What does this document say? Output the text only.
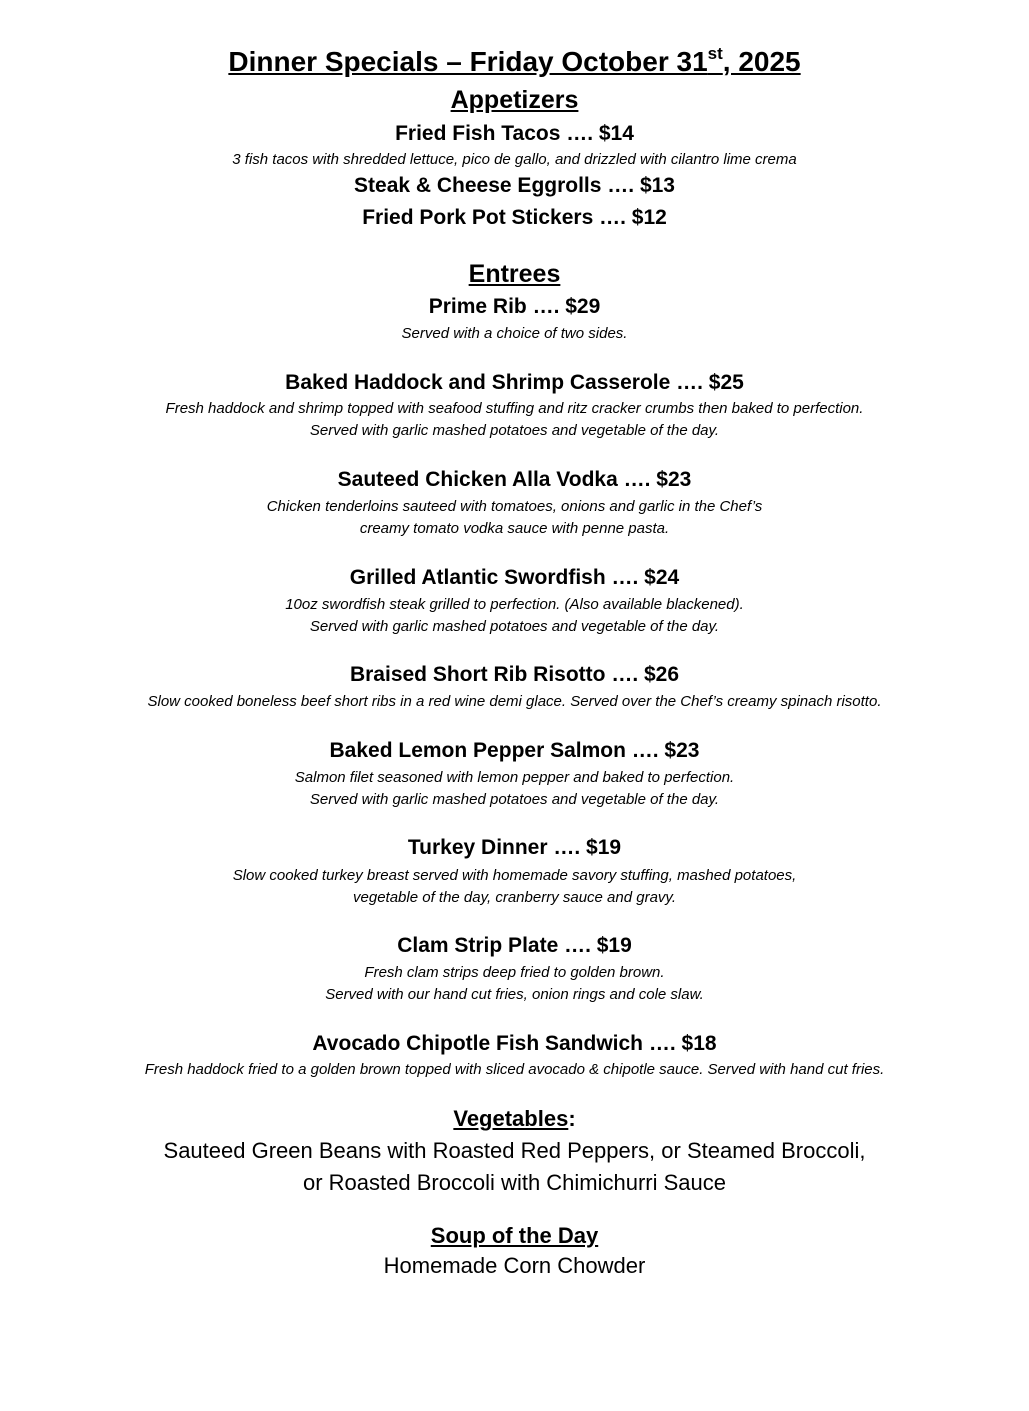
Dinner Specials – Friday October 31st, 2025
Appetizers
Fried Fish Tacos …. $14
3 fish tacos with shredded lettuce, pico de gallo, and drizzled with cilantro lime crema
Steak & Cheese Eggrolls …. $13
Fried Pork Pot Stickers …. $12
Entrees
Prime Rib …. $29
Served with a choice of two sides.
Baked Haddock and Shrimp Casserole …. $25
Fresh haddock and shrimp topped with seafood stuffing and ritz cracker crumbs then baked to perfection.
Served with garlic mashed potatoes and vegetable of the day.
Sauteed Chicken Alla Vodka …. $23
Chicken tenderloins sauteed with tomatoes, onions and garlic in the Chef’s
creamy tomato vodka sauce with penne pasta.
Grilled Atlantic Swordfish …. $24
10oz swordfish steak grilled to perfection. (Also available blackened).
Served with garlic mashed potatoes and vegetable of the day.
Braised Short Rib Risotto …. $26
Slow cooked boneless beef short ribs in a red wine demi glace. Served over the Chef’s creamy spinach risotto.
Baked Lemon Pepper Salmon …. $23
Salmon filet seasoned with lemon pepper and baked to perfection.
Served with garlic mashed potatoes and vegetable of the day.
Turkey Dinner …. $19
Slow cooked turkey breast served with homemade savory stuffing, mashed potatoes,
vegetable of the day, cranberry sauce and gravy.
Clam Strip Plate …. $19
Fresh clam strips deep fried to golden brown.
Served with our hand cut fries, onion rings and cole slaw.
Avocado Chipotle Fish Sandwich …. $18
Fresh haddock fried to a golden brown topped with sliced avocado & chipotle sauce. Served with hand cut fries.
Vegetables:
Sauteed Green Beans with Roasted Red Peppers, or Steamed Broccoli,
or Roasted Broccoli with Chimichurri Sauce
Soup of the Day
Homemade Corn Chowder
